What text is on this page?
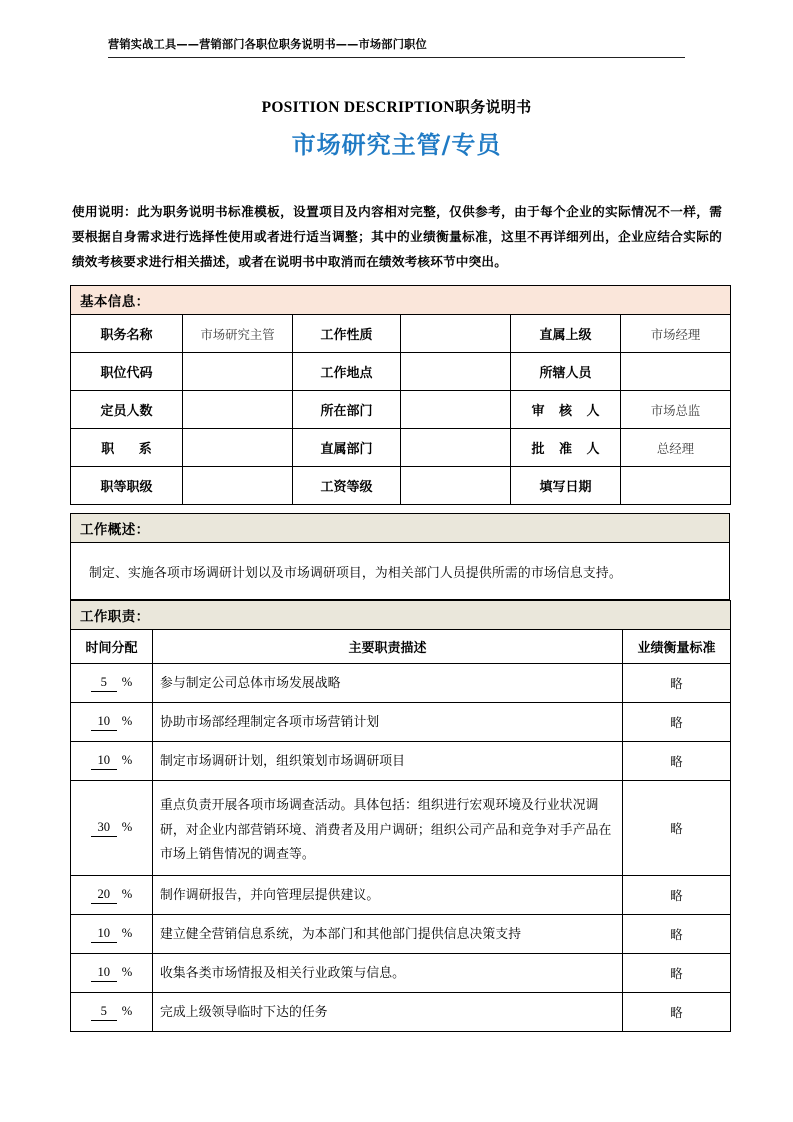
营销实战工具——营销部门各职位职务说明书——市场部门职位
POSITION DESCRIPTION职务说明书
市场研究主管/专员
使用说明：此为职务说明书标准模板，设置项目及内容相对完整，仅供参考，由于每个企业的实际情况不一样，需要根据自身需求进行选择性使用或者进行适当调整；其中的业绩衡量标准，这里不再详细列出，企业应结合实际的绩效考核要求进行相关描述，或者在说明书中取消而在绩效考核环节中突出。
基本信息：					
职务名称	市场研究主管	工作性质		直属上级	市场经理
职位代码		工作地点		所辖人员	
定员人数		所在部门		审 核 人	市场总监
职 系		直属部门		批 准 人	总经理
职等职级		工资等级		填写日期	
工作概述：
制定、实施各项市场调研计划以及市场调研项目，为相关部门人员提供所需的市场信息支持。
工作职责：		
时间分配	主要职责描述	业绩衡量标准
5 %	参与制定公司总体市场发展战略	略
10 %	协助市场部经理制定各项市场营销计划	略
10 %	制定市场调研计划，组织策划市场调研项目	略
30 %	重点负责开展各项市场调查活动。具体包括：组织进行宏观环境及行业状况调研，对企业内部营销环境、消费者及用户调研；组织公司产品和竞争对手产品在市场上销售情况的调查等。	略
20 %	制作调研报告，并向管理层提供建议。	略
10 %	建立健全营销信息系统，为本部门和其他部门提供信息决策支持	略
10 %	收集各类市场情报及相关行业政策与信息。	略
5 %	完成上级领导临时下达的任务	略
